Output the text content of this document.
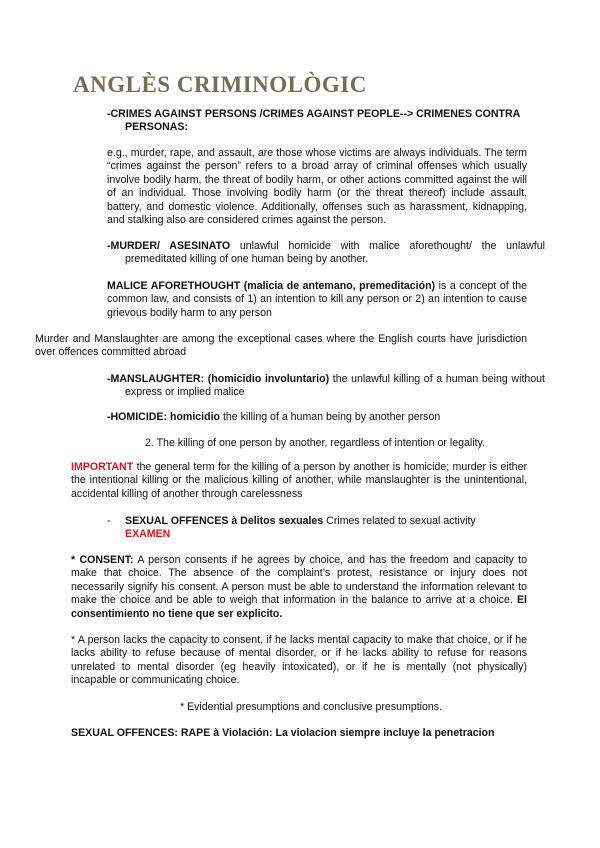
ANGLÈS CRIMINOLÒGIC
-CRIMES AGAINST PERSONS /CRIMES AGAINST PEOPLE--> CRIMENES CONTRA PERSONAS:
e.g., murder, rape, and assault, are those whose victims are always individuals. The term “crimes against the person” refers to a broad array of criminal offenses which usually involve bodily harm, the threat of bodily harm, or other actions committed against the will of an individual. Those involving bodily harm (or the threat thereof) include assault, battery, and domestic violence. Additionally, offenses such as harassment, kidnapping, and stalking also are considered crimes against the person.
-MURDER/ ASESINATO unlawful homicide with malice aforethought/ the unlawful premeditated killing of one human being by another.
MALICE AFORETHOUGHT (malicia de antemano, premeditación) is a concept of the common law, and consists of 1) an intention to kill any person or 2) an intention to cause grievous bodily harm to any person
Murder and Manslaughter are among the exceptional cases where the English courts have jurisdiction over offences committed abroad
-MANSLAUGHTER: (homicidio involuntario) the unlawful killing of a human being without express or implied malice
-HOMICIDE: homicidio the killing of a human being by another person
2. The killing of one person by another, regardless of intention or legality.
IMPORTANT the general term for the killing of a person by another is homicide; murder is either the intentional killing or the malicious killing of another, while manslaughter is the unintentional, accidental killing of another through carelessness
-	SEXUAL OFFENCES à Delitos sexuales Crimes related to sexual activity
EXAMEN
* CONSENT: A person consents if he agrees by choice, and has the freedom and capacity to make that choice. The absence of the complaint’s protest, resistance or injury does not necessarily signify his consent. A person must be able to understand the information relevant to make the choice and be able to weigh that information in the balance to arrive at a choice. El consentimiento no tiene que ser explicito.
* A person lacks the capacity to consent, if he lacks mental capacity to make that choice, or if he lacks ability to refuse because of mental disorder, or if he lacks ability to refuse for reasons unrelated to mental disorder (eg heavily intoxicated), or if he is mentally (not physically) incapable or communicating choice.
* Evidential presumptions and conclusive presumptions.
SEXUAL OFFENCES: RAPE à Violación: La violacion siempre incluye la penetracion
